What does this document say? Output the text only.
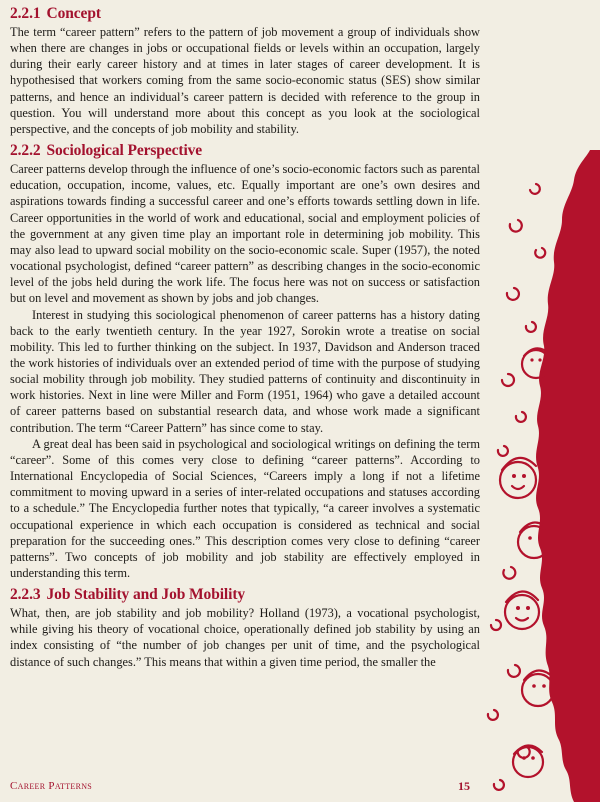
2.2.1 Concept

The term “career pattern” refers to the pattern of job movement a group of individuals show when there are changes in jobs or occupational fields or levels within an occupation, largely during their early career history and at times in later stages of career development. It is hypothesised that workers coming from the same socio-economic status (SES) show similar patterns, and hence an individual’s career pattern is decided with reference to the group in question. You will understand more about this concept as you look at the sociological perspective, and the concepts of job mobility and stability.

2.2.2 Sociological Perspective

Career patterns develop through the influence of one’s socio-economic factors such as parental education, occupation, income, values, etc. Equally important are one’s own desires and aspirations towards finding a successful career and one’s efforts towards settling down in life. Career opportunities in the world of work and educational, social and employment policies of the government at any given time play an important role in determining job mobility. This may also lead to upward social mobility on the socio-economic scale. Super (1957), the noted vocational psychologist, defined “career pattern” as describing changes in the socio-economic level of the jobs held during the work life. The focus here was not on success or satisfaction but on level and movement as shown by jobs and job changes.

Interest in studying this sociological phenomenon of career patterns has a history dating back to the early twentieth century. In the year 1927, Sorokin wrote a treatise on social mobility. This led to further thinking on the subject. In 1937, Davidson and Anderson traced the work histories of individuals over an extended period of time with the purpose of studying social mobility through job mobility. They studied patterns of continuity and discontinuity in work histories. Next in line were Miller and Form (1951, 1964) who gave a detailed account of career patterns based on substantial research data, and whose work made a significant contribution. The term “Career Pattern” has since come to stay.

A great deal has been said in psychological and sociological writings on defining the term “career”. Some of this comes very close to defining “career patterns”. According to International Encyclopedia of Social Sciences, “Careers imply a long if not a lifetime commitment to moving upward in a series of inter-related occupations and statuses according to a schedule.” The Encyclopedia further notes that typically, “a career involves a systematic occupational experience in which each occupation is considered as technical and social preparation for the succeeding ones.” This description comes very close to defining “career patterns”. Two concepts of job mobility and job stability are effectively employed in understanding this term.

2.2.3 Job Stability and Job Mobility

What, then, are job stability and job mobility? Holland (1973), a vocational psychologist, while giving his theory of vocational choice, operationally defined job stability by using an index consisting of “the number of job changes per unit of time, and the psychological distance of such changes.” This means that within a given time period, the smaller the

Career Patterns	15
